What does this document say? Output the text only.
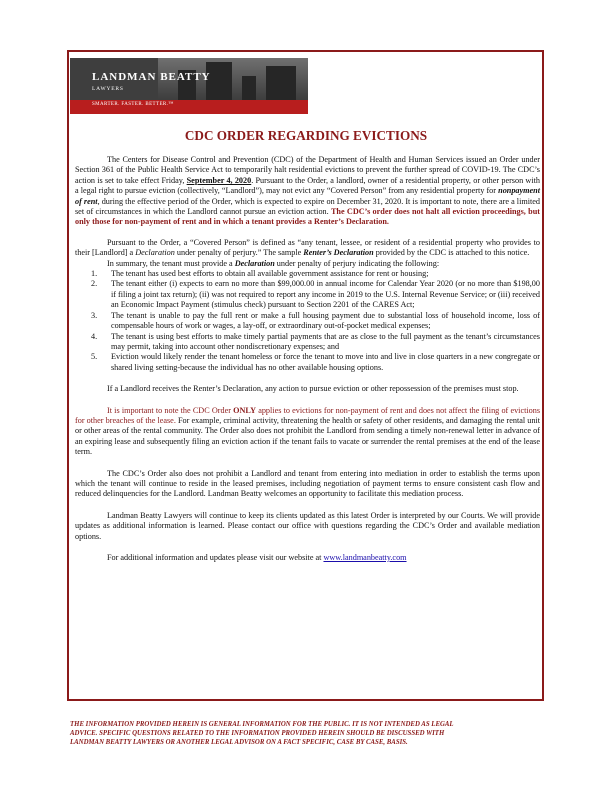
LANDMAN BEATTY
LAWYERS
SMARTER. FASTER. BETTER.™
CDC ORDER REGARDING EVICTIONS

The Centers for Disease Control and Prevention (CDC) of the Department of Health and Human Services issued an Order under Section 361 of the Public Health Service Act to temporarily halt residential evictions to prevent the further spread of COVID-19. The CDC’s action is set to take effect Friday, September 4, 2020. Pursuant to the Order, a landlord, owner of a residential property, or other person with a legal right to pursue eviction (collectively, “Landlord”), may not evict any “Covered Person” from any residential property for nonpayment of rent, during the effective period of the Order, which is expected to expire on December 31, 2020. It is important to note, there are a limited set of circumstances in which the Landlord cannot pursue an eviction action. The CDC’s order does not halt all eviction proceedings, but only those for non-payment of rent and in which a tenant provides a Renter’s Declaration.

Pursuant to the Order, a “Covered Person” is defined as “any tenant, lessee, or resident of a residential property who provides to their [Landlord] a Declaration under penalty of perjury.” The sample Renter’s Declaration provided by the CDC is attached to this notice.

In summary, the tenant must provide a Declaration under penalty of perjury indicating the following:

1. The tenant has used best efforts to obtain all available government assistance for rent or housing;
2. The tenant either (i) expects to earn no more than $99,000.00 in annual income for Calendar Year 2020 (or no more than $198,00 if filing a joint tax return); (ii) was not required to report any income in 2019 to the U.S. Internal Revenue Service; or (iii) received an Economic Impact Payment (stimulus check) pursuant to Section 2201 of the CARES Act;
3. The tenant is unable to pay the full rent or make a full housing payment due to substantial loss of household income, loss of compensable hours of work or wages, a lay-off, or extraordinary out-of-pocket medical expenses;
4. The tenant is using best efforts to make timely partial payments that are as close to the full payment as the tenant’s circumstances may permit, taking into account other nondiscretionary expenses; and
5. Eviction would likely render the tenant homeless or force the tenant to move into and live in close quarters in a new congregate or shared living setting-because the individual has no other available housing options.

If a Landlord receives the Renter’s Declaration, any action to pursue eviction or other repossession of the premises must stop.

It is important to note the CDC Order ONLY applies to evictions for non-payment of rent and does not affect the filing of evictions for other breaches of the lease. For example, criminal activity, threatening the health or safety of other residents, and damaging the rental unit or other areas of the rental community. The Order also does not prohibit the Landlord from sending a timely non-renewal letter in advance of an expiring lease and subsequently filing an eviction action if the tenant fails to vacate or surrender the rental premises at the end of the lease term.

The CDC’s Order also does not prohibit a Landlord and tenant from entering into mediation in order to establish the terms upon which the tenant will continue to reside in the leased premises, including negotiation of payment terms to ensure consistent cash flow and reduced delinquencies for the Landlord. Landman Beatty welcomes an opportunity to facilitate this mediation process.

Landman Beatty Lawyers will continue to keep its clients updated as this latest Order is interpreted by our Courts. We will provide updates as additional information is learned. Please contact our office with questions regarding the CDC’s Order and available mediation options.

For additional information and updates please visit our website at www.landmanbeatty.com

THE INFORMATION PROVIDED HEREIN IS GENERAL INFORMATION FOR THE PUBLIC. IT IS NOT INTENDED AS LEGAL

ADVICE. SPECIFIC QUESTIONS RELATED TO THE INFORMATION PROVIDED HEREIN SHOULD BE DISCUSSED WITH

LANDMAN BEATTY LAWYERS OR ANOTHER LEGAL ADVISOR ON A FACT SPECIFIC, CASE BY CASE, BASIS.
